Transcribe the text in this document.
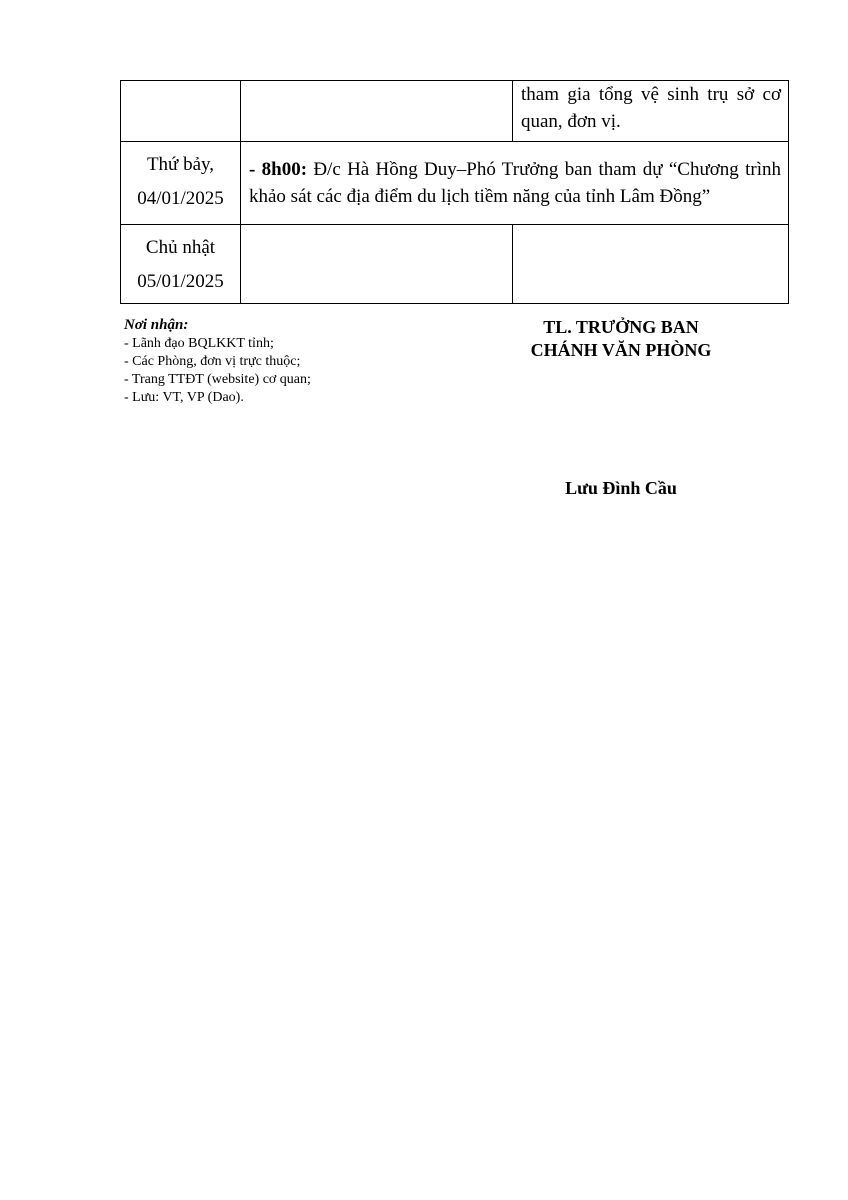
		tham gia tổng vệ sinh trụ sở cơ quan, đơn vị.

Thứ bảy,
04/01/2025	- 8h00: Đ/c Hà Hồng Duy–Phó Trưởng ban tham dự “Chương trình khảo sát các địa điểm du lịch tiềm năng của tỉnh Lâm Đồng”	

Chủ nhật
05/01/2025		

Nơi nhận:
- Lãnh đạo BQLKKT tỉnh;
- Các Phòng, đơn vị trực thuộc;
- Trang TTĐT (website) cơ quan;
- Lưu: VT, VP (Dao).
TL. TRƯỞNG BAN
CHÁNH VĂN PHÒNG
Lưu Đình Cầu
